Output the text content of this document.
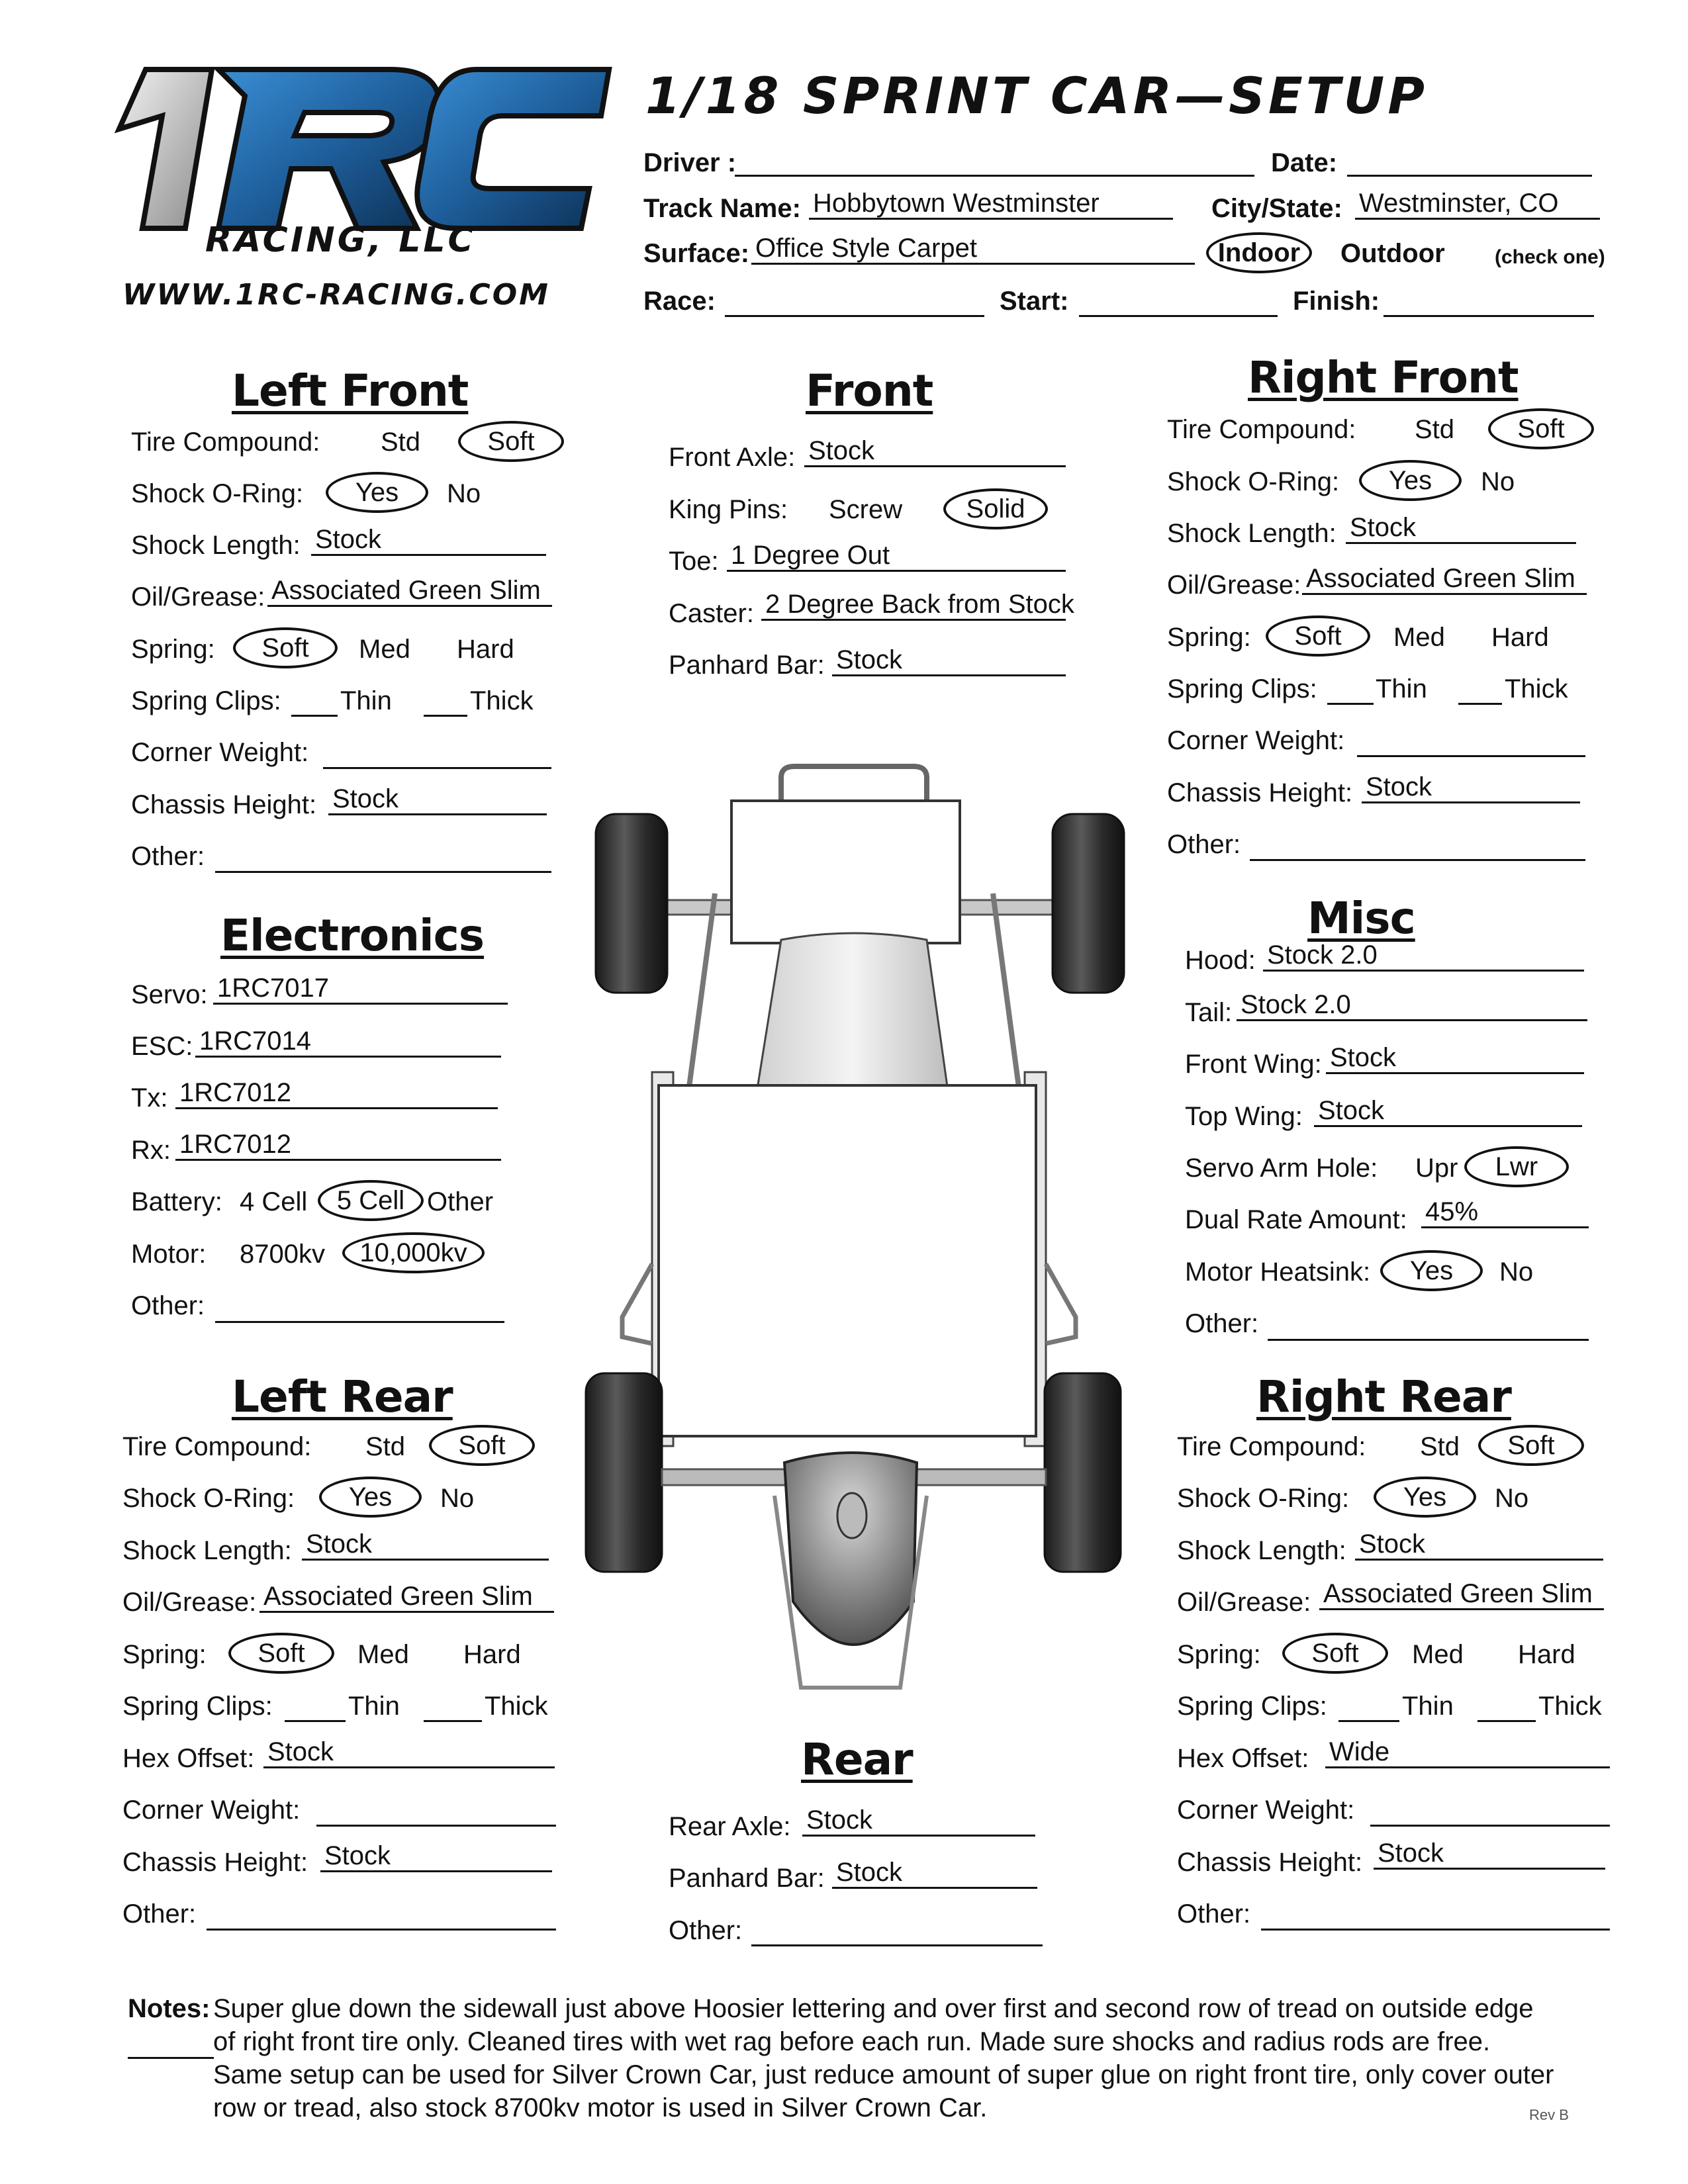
RACING, LLC
WWW.1RC-RACING.COM
1/18 SPRINT CAR—SETUP
Driver :	Date:
Track Name: Hobbytown Westminster	City/State: Westminster, CO
Surface: Office Style Carpet	Indoor	Outdoor	(check one)
Race:	Start:	Finish:
Left Front
Tire Compound: Std	Soft
Shock O-Ring:	Yes	No
Shock Length: Stock
Oil/Grease: Associated Green Slim
Spring:	Soft	Med Hard
Spring Clips: Thin	Thick
Corner Weight:
Chassis Height: Stock
Other:
Front
Front Axle: Stock
King Pins: Screw	Solid
Toe: 1 Degree Out
Caster: 2 Degree Back from Stock
Panhard Bar: Stock
Right Front
Tire Compound: Std	Soft
Shock O-Ring:	Yes	No
Shock Length: Stock
Oil/Grease: Associated Green Slim
Spring:	Soft	Med Hard
Spring Clips: Thin	Thick
Corner Weight:
Chassis Height: Stock
Other:
Electronics
Servo: 1RC7017
ESC: 1RC7014
Tx: 1RC7012
Rx: 1RC7012
Battery: 4 Cell	5 Cell Other
Motor: 8700kv	10,000kv
Other:
Misc
Hood: Stock 2.0
Tail: Stock 2.0
Front Wing: Stock
Top Wing: Stock
Servo Arm Hole: Upr	Lwr
Dual Rate Amount: 45%
Motor Heatsink:	Yes	No
Other:
Left Rear
Tire Compound: Std	Soft
Shock O-Ring:	Yes	No
Shock Length: Stock
Oil/Grease: Associated Green Slim
Spring:	Soft	Med Hard
Spring Clips:	Thin	Thick
Hex Offset: Stock
Corner Weight:
Chassis Height: Stock
Other:
Rear
Rear Axle: Stock
Panhard Bar: Stock
Other:
Right Rear
Tire Compound: Std	Soft
Shock O-Ring:	Yes	No
Shock Length: Stock
Oil/Grease: Associated Green Slim
Spring:	Soft	Med Hard
Spring Clips:	Thin	Thick
Hex Offset: Wide
Corner Weight:
Chassis Height: Stock
Other:
Notes: Super glue down the sidewall just above Hoosier lettering and over first and second row of tread on outside edge
of right front tire only. Cleaned tires with wet rag before each run. Made sure shocks and radius rods are free.
Same setup can be used for Silver Crown Car, just reduce amount of super glue on right front tire, only cover outer
row or tread, also stock 8700kv motor is used in Silver Crown Car.	Rev B
